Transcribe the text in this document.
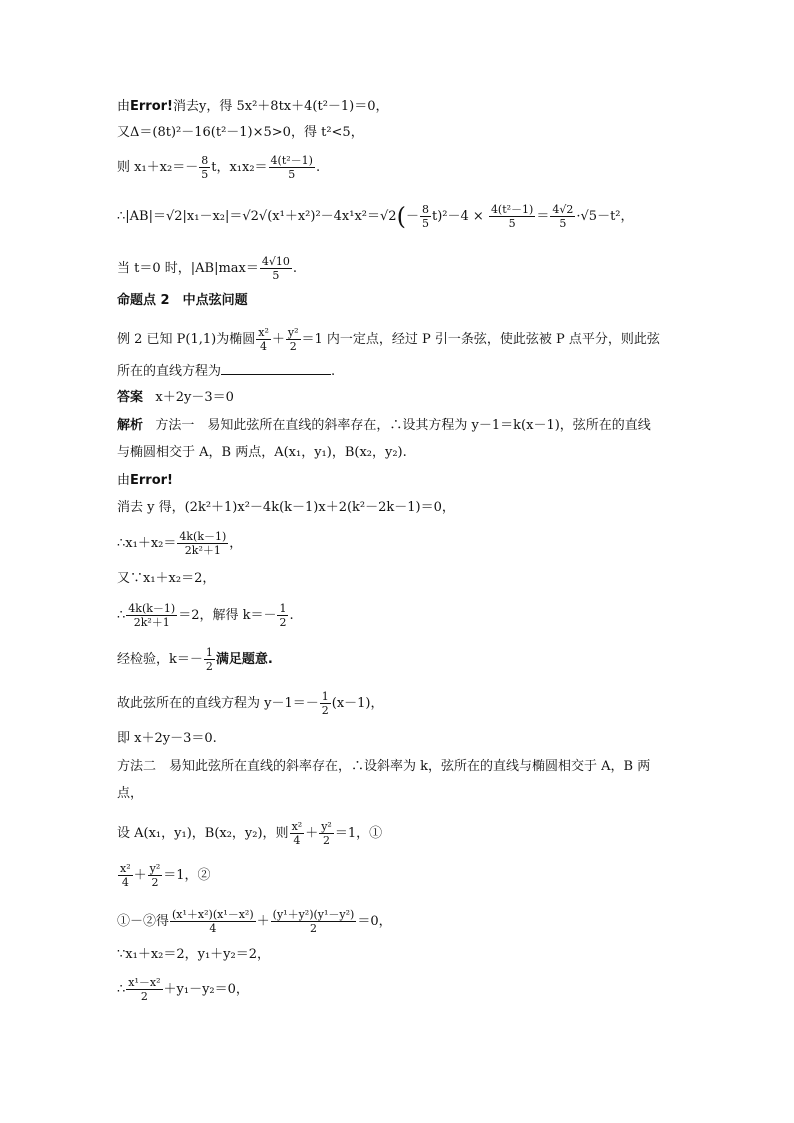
由Error!消去y，得 5x²＋8tx＋4(t²－1)＝0，
又Δ＝(8t)²－16(t²－1)×5>0，得 t²<5，
则 $x_1+x_2=- \frac{8}{5}$ t，$x_1x_2= \frac{\text{4(t²－1)}}{5}$ .
∴|AB|＝√2|x₁－x₂|＝√2√(x¹＋x²)²－4x¹x²＝√2(－ $\frac{8}{5} t)^2-4 \times \frac{\text{4(t²－1)}}{5} = \frac{4√2}{5} \cdot√5-t^2$，
当 t＝0 时，$|AB|\max= \frac{4√10}{5}$ .
命题点 2　中点弦问题
例 2 已知 P(1,1)为椭圆 $\frac{\text{x²}}{4} + \frac{\text{y²}}{2} =1$ 内一定点，经过 P 引一条弦，使此弦被 P 点平分，则此弦
所在的直线方程为	.
答案 x＋2y－3＝0
解析 方法一　易知此弦所在直线的斜率存在，∴设其方程为 y－1＝k(x－1)，弦所在的直线
与椭圆相交于 A，B 两点，A(x₁，y₁)，B(x₂，y₂).
由Error!
消去 y 得，(2k²＋1)x²－4k(k－1)x＋2(k²－2k－1)＝0，
∴x₁＋x₂＝ $\frac{4k(k-1)}{\text{2k²＋1}}$ ，
又∵x₁＋x₂＝2，
∴ $\frac{4k(k-1)}{\text{2k²＋1}} =2$，解得 $k=- \frac{1}{2}$ .
经检验，$k=- \frac{1}{2}$ 满足题意.
故此弦所在的直线方程为 $y-1=- \frac{1}{2} (x-1)$，
即 x＋2y－3＝0.
方法二　易知此弦所在直线的斜率存在，∴设斜率为 k，弦所在的直线与椭圆相交于 A，B 两
点，
设 A(x₁，y₁)，B(x₂，y₂)，则 $\frac{\text{x²}}{4} + \frac{\text{y²}}{2} =1$，①
$\frac{\text{x²}}{4} + \frac{\text{y²}}{2} =1$，②
①－②得 $\frac{\text{(x¹＋x²)(x¹－x²)}}{4} + \frac{\text{(y¹＋y²)(y¹－y²)}}{2} =0$，
∵x₁＋x₂＝2，y₁＋y₂＝2，
∴ $\frac{\text{x¹－x²}}{2} +y_1-y_2=0$，
